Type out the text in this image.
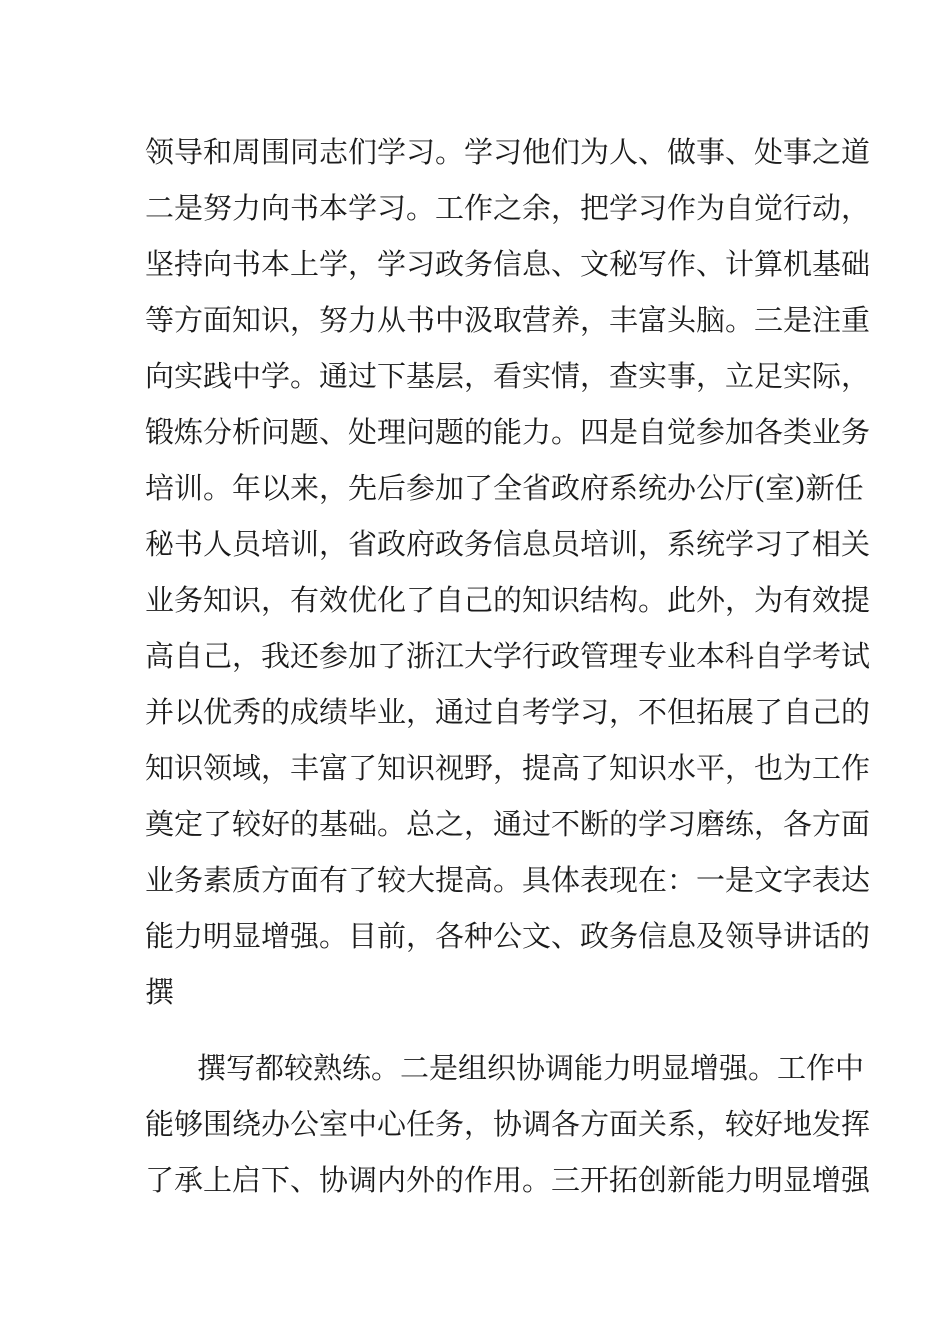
领导和周围同志们学习。学习他们为人、做事、处事之道
二是努力向书本学习。工作之余，把学习作为自觉行动，
坚持向书本上学，学习政务信息、文秘写作、计算机基础
等方面知识，努力从书中汲取营养，丰富头脑。三是注重
向实践中学。通过下基层，看实情，查实事，立足实际，
锻炼分析问题、处理问题的能力。四是自觉参加各类业务
培训。年以来，先后参加了全省政府系统办公厅(室)新任
秘书人员培训，省政府政务信息员培训，系统学习了相关
业务知识，有效优化了自己的知识结构。此外，为有效提
高自己，我还参加了浙江大学行政管理专业本科自学考试
并以优秀的成绩毕业，通过自考学习，不但拓展了自己的
知识领域，丰富了知识视野，提高了知识水平，也为工作
奠定了较好的基础。总之，通过不断的学习磨练，各方面
业务素质方面有了较大提高。具体表现在：一是文字表达
能力明显增强。目前，各种公文、政务信息及领导讲话的
撰
撰写都较熟练。二是组织协调能力明显增强。工作中
能够围绕办公室中心任务，协调各方面关系，较好地发挥
了承上启下、协调内外的作用。三开拓创新能力明显增强
